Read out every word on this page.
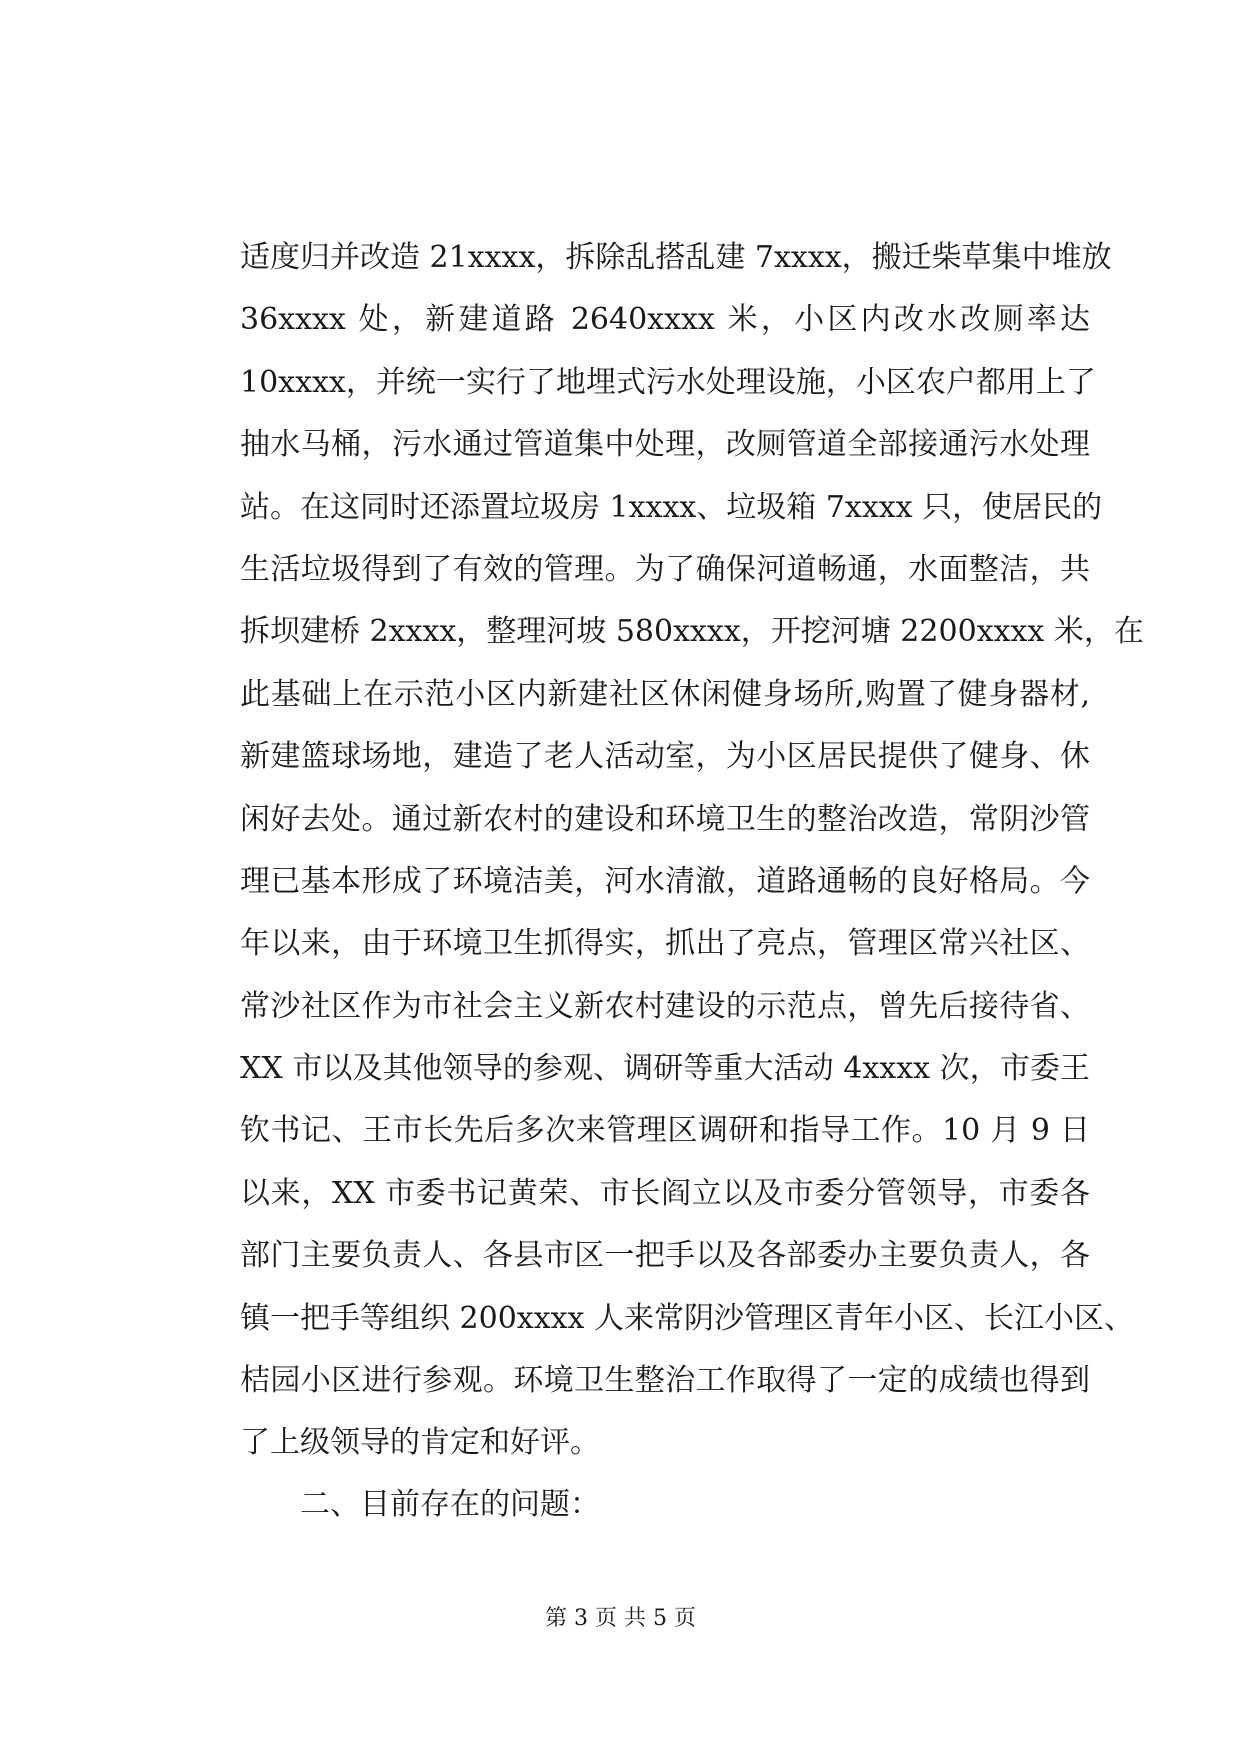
适度归并改造 21xxxx，拆除乱搭乱建 7xxxx，搬迁柴草集中堆放
36xxxx 处，新建道路 2640xxxx 米，小区内改水改厕率达
10xxxx，并统一实行了地埋式污水处理设施，小区农户都用上了
抽水马桶，污水通过管道集中处理，改厕管道全部接通污水处理
站。在这同时还添置垃圾房 1xxxx、垃圾箱 7xxxx 只，使居民的
生活垃圾得到了有效的管理。为了确保河道畅通，水面整洁，共
拆坝建桥 2xxxx，整理河坡 580xxxx，开挖河塘 2200xxxx 米，在
此基础上在示范小区内新建社区休闲健身场所,购置了健身器材,
新建篮球场地，建造了老人活动室，为小区居民提供了健身、休
闲好去处。通过新农村的建设和环境卫生的整治改造，常阴沙管
理已基本形成了环境洁美，河水清澈，道路通畅的良好格局。今
年以来，由于环境卫生抓得实，抓出了亮点，管理区常兴社区、
常沙社区作为市社会主义新农村建设的示范点，曾先后接待省、
XX 市以及其他领导的参观、调研等重大活动 4xxxx 次，市委王
钦书记、王市长先后多次来管理区调研和指导工作。10 月 9 日
以来，XX 市委书记黄荣、市长阎立以及市委分管领导，市委各
部门主要负责人、各县市区一把手以及各部委办主要负责人，各
镇一把手等组织 200xxxx 人来常阴沙管理区青年小区、长江小区、
桔园小区进行参观。环境卫生整治工作取得了一定的成绩也得到
了上级领导的肯定和好评。
二、目前存在的问题：
第 3 页 共 5 页
